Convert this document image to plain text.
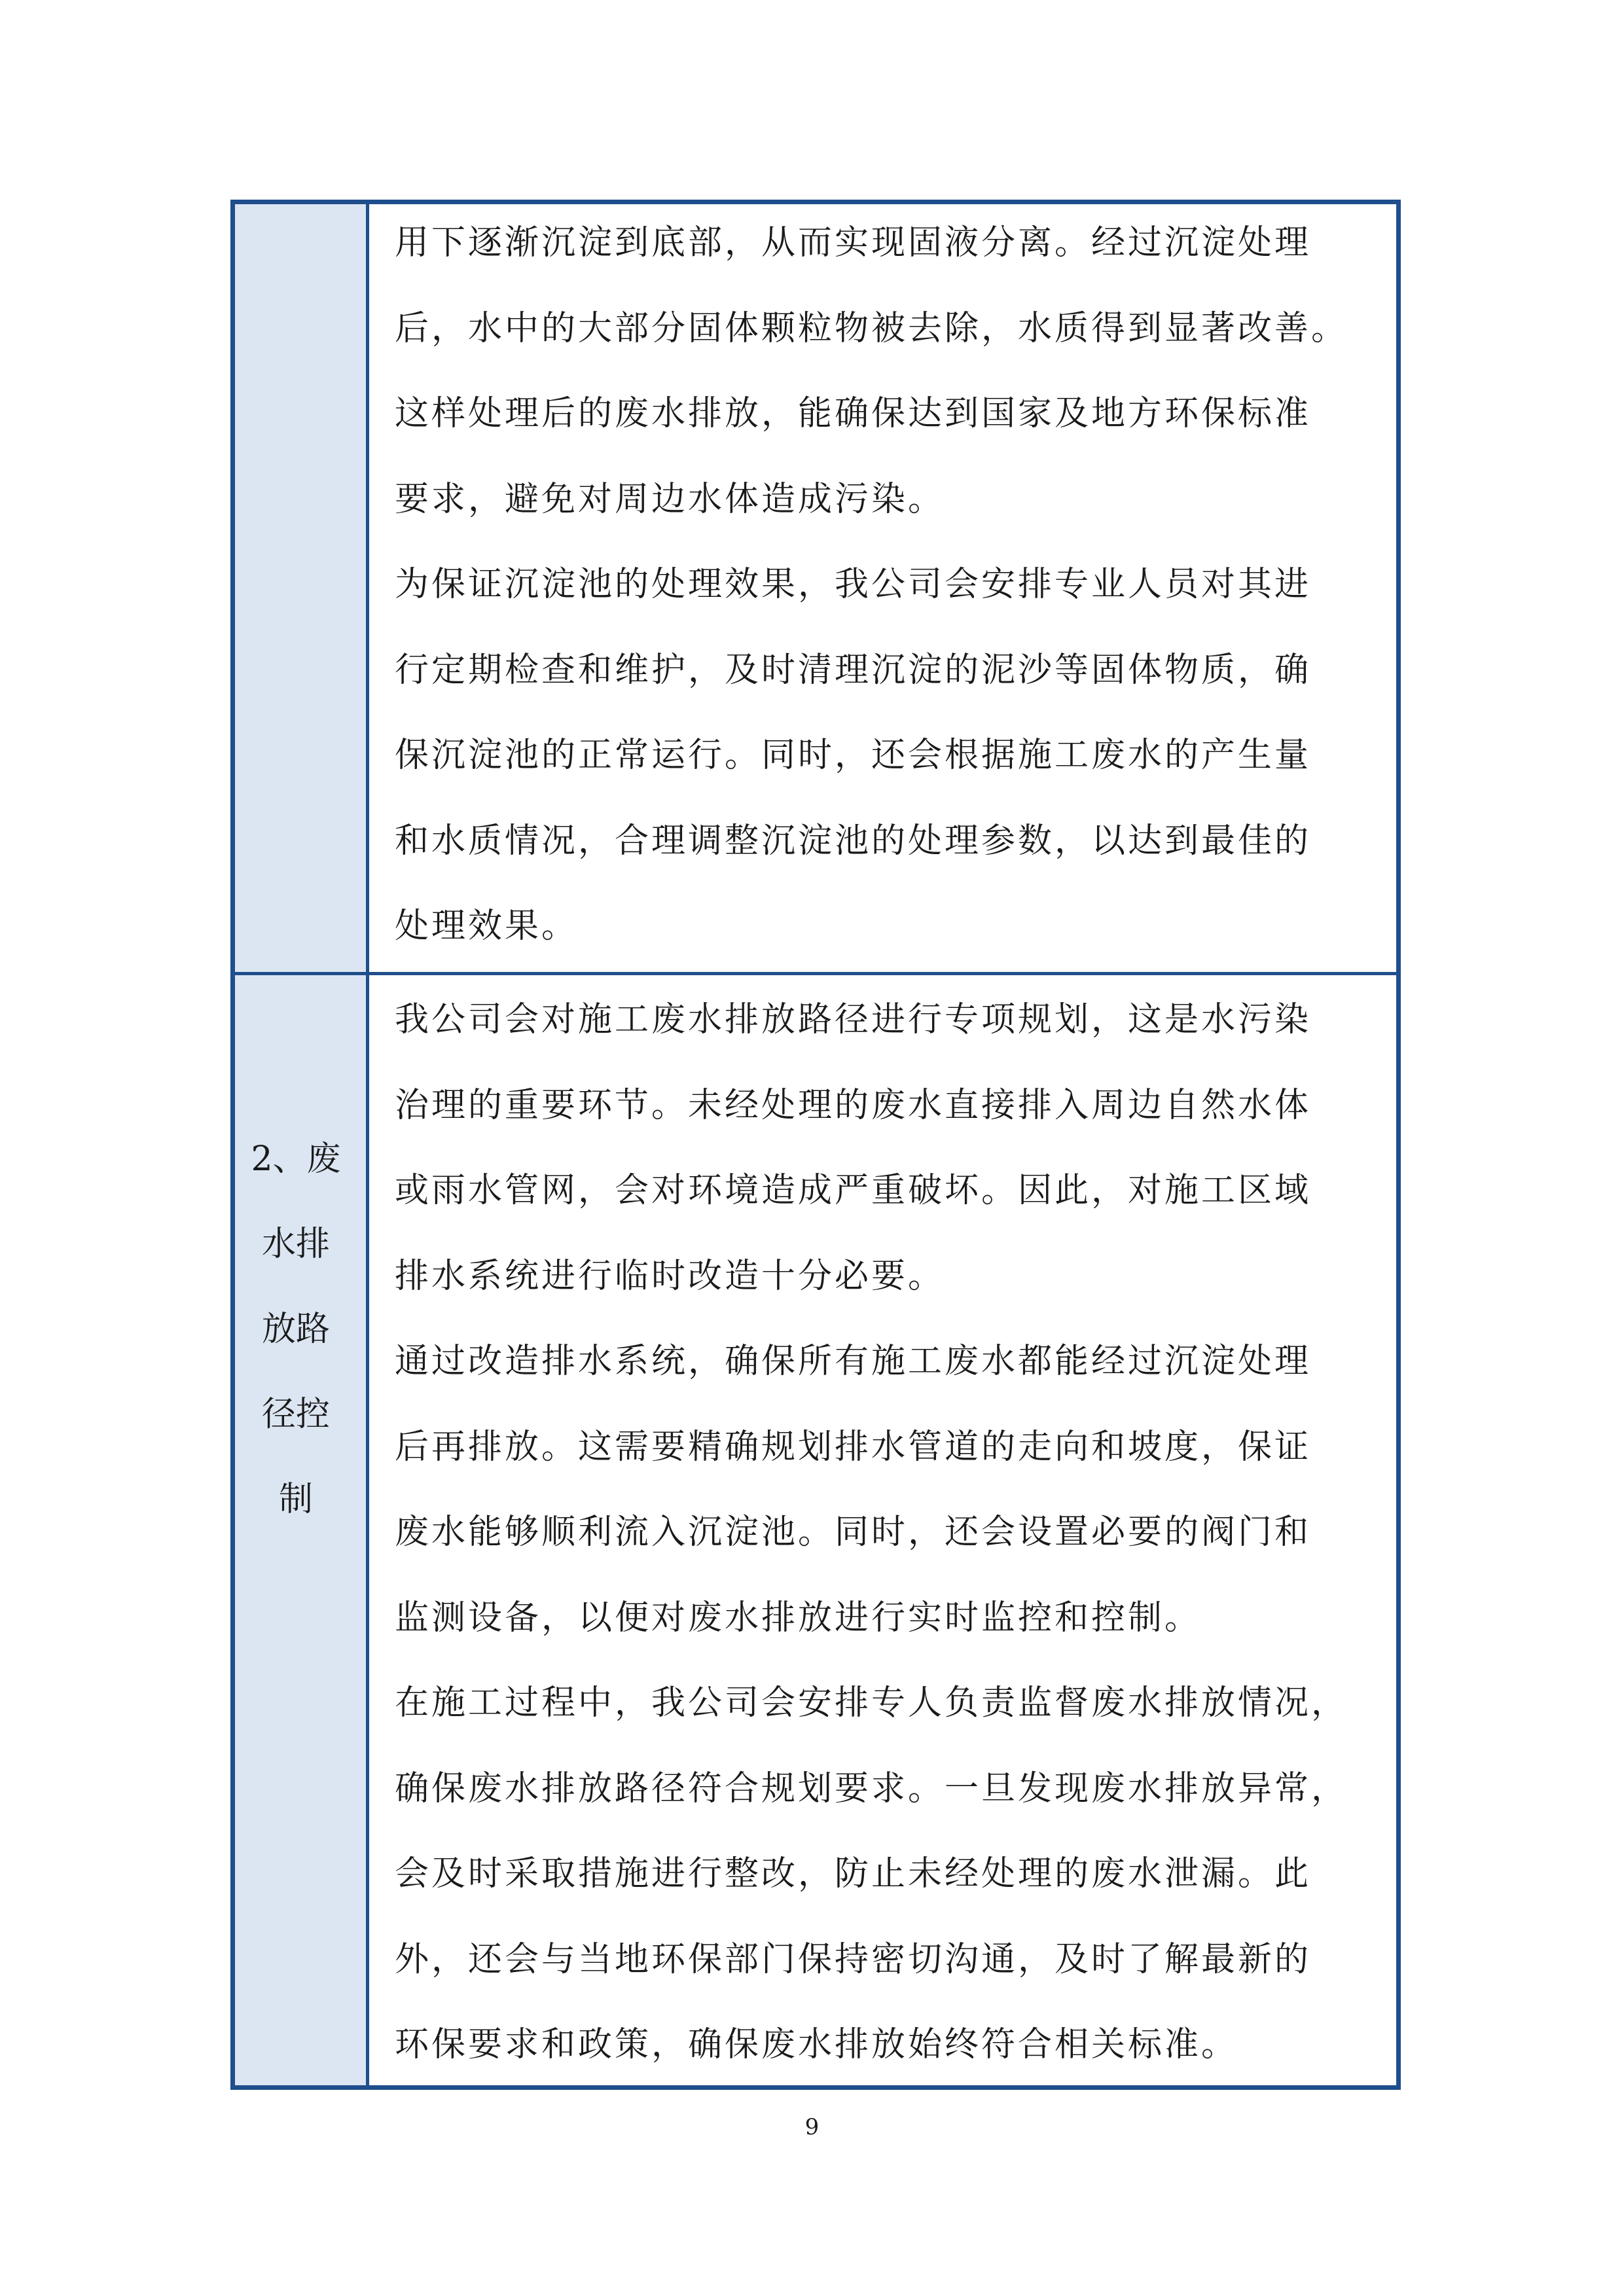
2、废
水排
放路
径控
制

用下逐渐沉淀到底部，从而实现固液分离。经过沉淀处理
后，水中的大部分固体颗粒物被去除，水质得到显著改善。
这样处理后的废水排放，能确保达到国家及地方环保标准
要求，避免对周边水体造成污染。

为保证沉淀池的处理效果，我公司会安排专业人员对其进
行定期检查和维护，及时清理沉淀的泥沙等固体物质，确
保沉淀池的正常运行。同时，还会根据施工废水的产生量
和水质情况，合理调整沉淀池的处理参数，以达到最佳的
处理效果。

我公司会对施工废水排放路径进行专项规划，这是水污染
治理的重要环节。未经处理的废水直接排入周边自然水体
或雨水管网，会对环境造成严重破坏。因此，对施工区域
排水系统进行临时改造十分必要。

通过改造排水系统，确保所有施工废水都能经过沉淀处理
后再排放。这需要精确规划排水管道的走向和坡度，保证
废水能够顺利流入沉淀池。同时，还会设置必要的阀门和
监测设备，以便对废水排放进行实时监控和控制。

在施工过程中，我公司会安排专人负责监督废水排放情况，
确保废水排放路径符合规划要求。一旦发现废水排放异常，
会及时采取措施进行整改，防止未经处理的废水泄漏。此
外，还会与当地环保部门保持密切沟通，及时了解最新的
环保要求和政策，确保废水排放始终符合相关标准。

9
